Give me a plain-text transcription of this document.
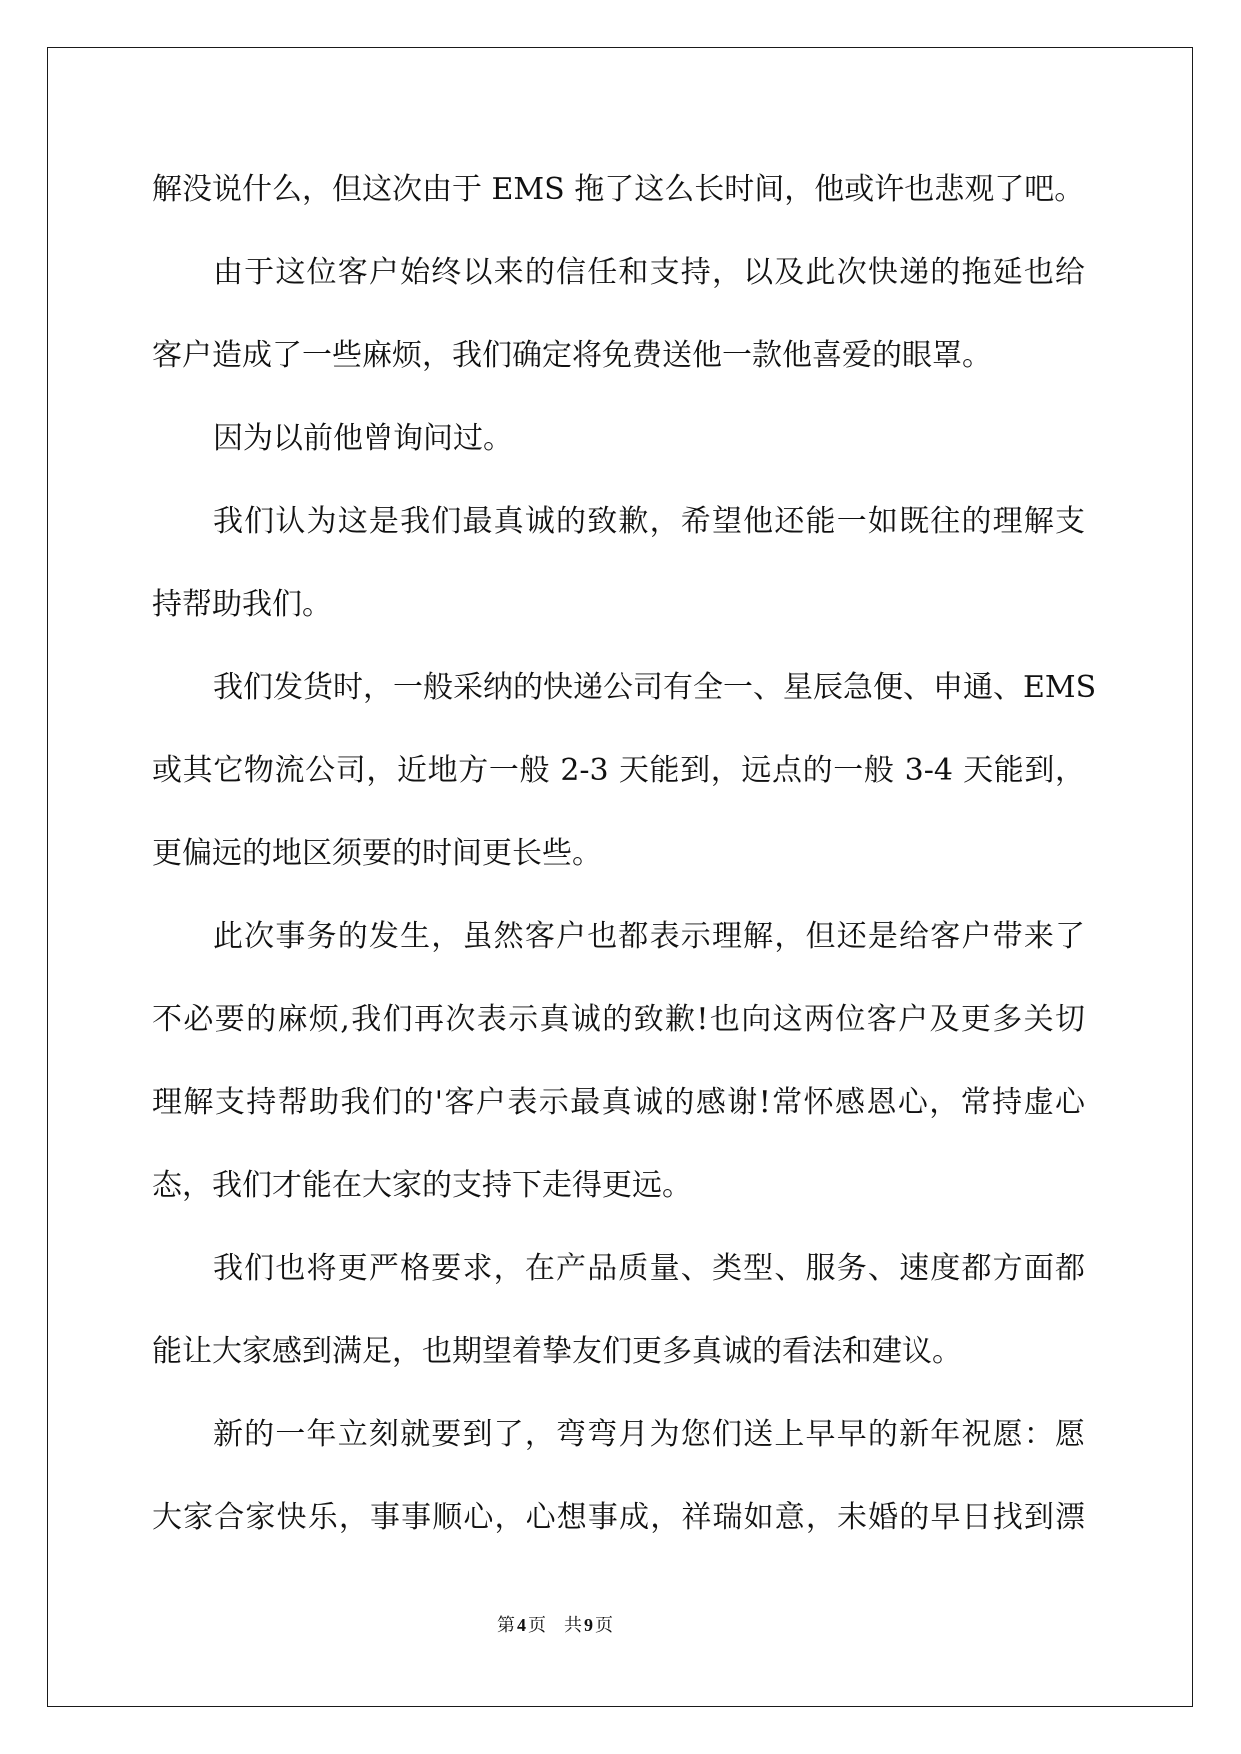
解没说什么，但这次由于 EMS 拖了这么长时间，他或许也悲观了吧。
由于这位客户始终以来的信任和支持，以及此次快递的拖延也给
客户造成了一些麻烦，我们确定将免费送他一款他喜爱的眼罩。
因为以前他曾询问过。
我们认为这是我们最真诚的致歉，希望他还能一如既往的理解支
持帮助我们。
我们发货时，一般采纳的快递公司有全一、星辰急便、申通、EMS
或其它物流公司，近地方一般 2-3 天能到，远点的一般 3-4 天能到，
更偏远的地区须要的时间更长些。
此次事务的发生，虽然客户也都表示理解，但还是给客户带来了
不必要的麻烦,我们再次表示真诚的致歉!也向这两位客户及更多关切
理解支持帮助我们的'客户表示最真诚的感谢!常怀感恩心，常持虚心
态，我们才能在大家的支持下走得更远。
我们也将更严格要求，在产品质量、类型、服务、速度都方面都
能让大家感到满足，也期望着挚友们更多真诚的看法和建议。
新的一年立刻就要到了，弯弯月为您们送上早早的新年祝愿：愿
大家合家快乐，事事顺心，心想事成，祥瑞如意，未婚的早日找到漂
第 4 页 共 9 页
